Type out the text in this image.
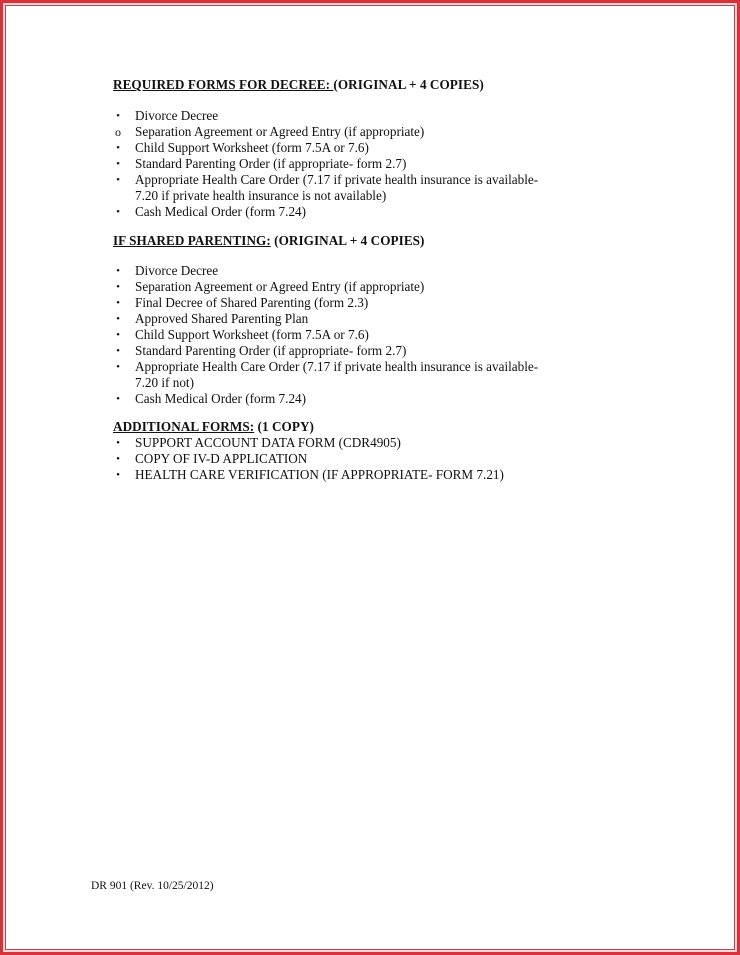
REQUIRED FORMS FOR DECREE: (ORIGINAL + 4 COPIES)
• Divorce Decree
o Separation Agreement or Agreed Entry (if appropriate)
• Child Support Worksheet (form 7.5A or 7.6)
• Standard Parenting Order (if appropriate- form 2.7)
• Appropriate Health Care Order (7.17 if private health insurance is available-
7.20 if private health insurance is not available)
• Cash Medical Order (form 7.24)
IF SHARED PARENTING: (ORIGINAL + 4 COPIES)
• Divorce Decree
• Separation Agreement or Agreed Entry (if appropriate)
• Final Decree of Shared Parenting (form 2.3)
• Approved Shared Parenting Plan
• Child Support Worksheet (form 7.5A or 7.6)
• Standard Parenting Order (if appropriate- form 2.7)
• Appropriate Health Care Order (7.17 if private health insurance is available-
7.20 if not)
• Cash Medical Order (form 7.24)
ADDITIONAL FORMS: (1 COPY)
• SUPPORT ACCOUNT DATA FORM (CDR4905)
• COPY OF IV-D APPLICATION
• HEALTH CARE VERIFICATION (IF APPROPRIATE- FORM 7.21)
DR 901 (Rev. 10/25/2012)
